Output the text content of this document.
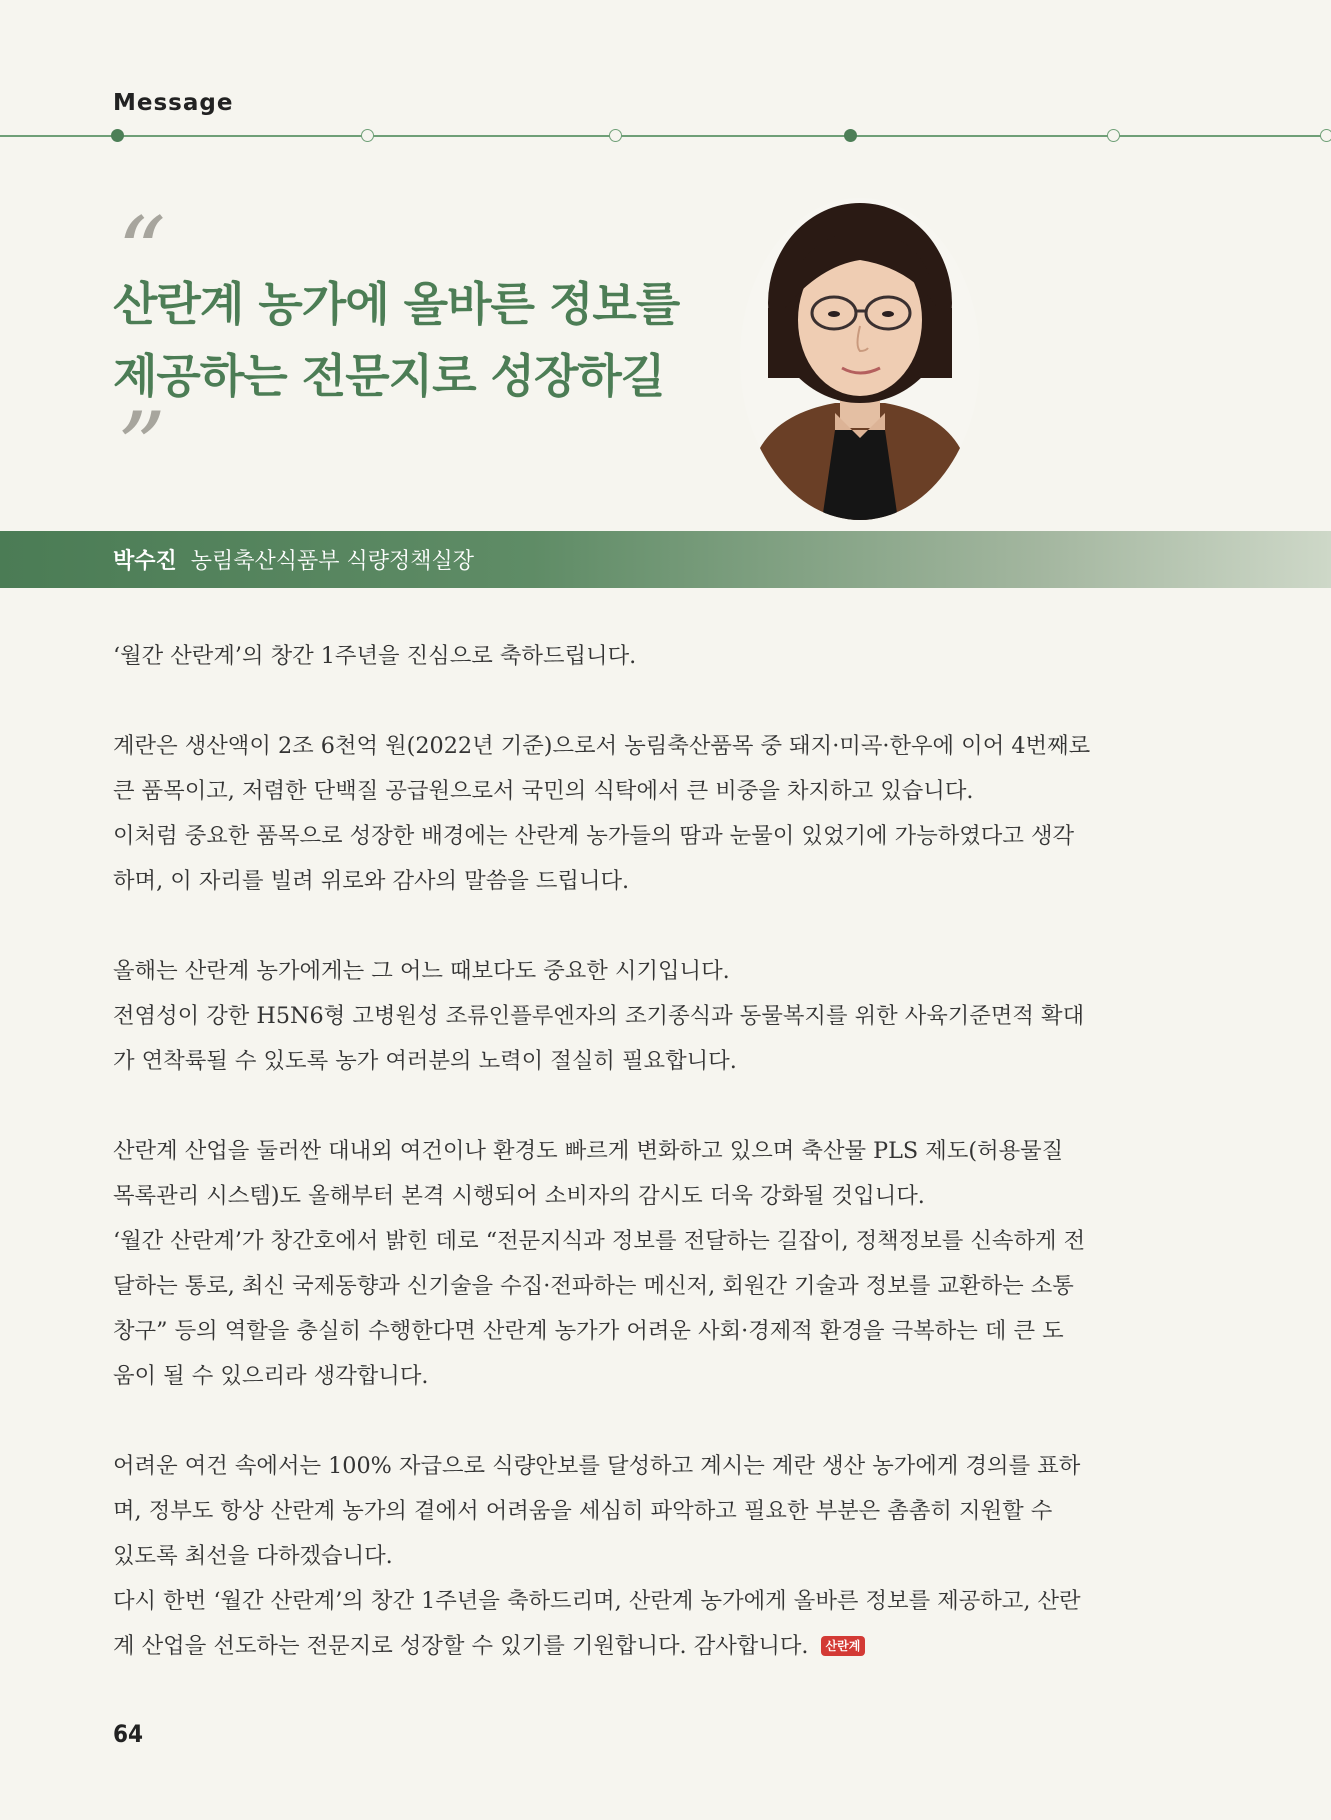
Message
“
산란계 농가에 올바른 정보를
제공하는 전문지로 성장하길
”
박수진 농림축산식품부 식량정책실장

‘월간 산란계’의 창간 1주년을 진심으로 축하드립니다.

계란은 생산액이 2조 6천억 원(2022년 기준)으로서 농림축산품목 중 돼지·미곡·한우에 이어 4번째로
큰 품목이고, 저렴한 단백질 공급원으로서 국민의 식탁에서 큰 비중을 차지하고 있습니다.
이처럼 중요한 품목으로 성장한 배경에는 산란계 농가들의 땀과 눈물이 있었기에 가능하였다고 생각
하며, 이 자리를 빌려 위로와 감사의 말씀을 드립니다.

올해는 산란계 농가에게는 그 어느 때보다도 중요한 시기입니다.
전염성이 강한 H5N6형 고병원성 조류인플루엔자의 조기종식과 동물복지를 위한 사육기준면적 확대
가 연착륙될 수 있도록 농가 여러분의 노력이 절실히 필요합니다.

산란계 산업을 둘러싼 대내외 여건이나 환경도 빠르게 변화하고 있으며 축산물 PLS 제도(허용물질
목록관리 시스템)도 올해부터 본격 시행되어 소비자의 감시도 더욱 강화될 것입니다.
‘월간 산란계’가 창간호에서 밝힌 데로 “전문지식과 정보를 전달하는 길잡이, 정책정보를 신속하게 전
달하는 통로, 최신 국제동향과 신기술을 수집·전파하는 메신저, 회원간 기술과 정보를 교환하는 소통
창구” 등의 역할을 충실히 수행한다면 산란계 농가가 어려운 사회·경제적 환경을 극복하는 데 큰 도
움이 될 수 있으리라 생각합니다.

어려운 여건 속에서는 100% 자급으로 식량안보를 달성하고 계시는 계란 생산 농가에게 경의를 표하
며, 정부도 항상 산란계 농가의 곁에서 어려움을 세심히 파악하고 필요한 부분은 촘촘히 지원할 수
있도록 최선을 다하겠습니다.
다시 한번 ‘월간 산란계’의 창간 1주년을 축하드리며, 산란계 농가에게 올바른 정보를 제공하고, 산란
계 산업을 선도하는 전문지로 성장할 수 있기를 기원합니다. 감사합니다. 산란계

64
